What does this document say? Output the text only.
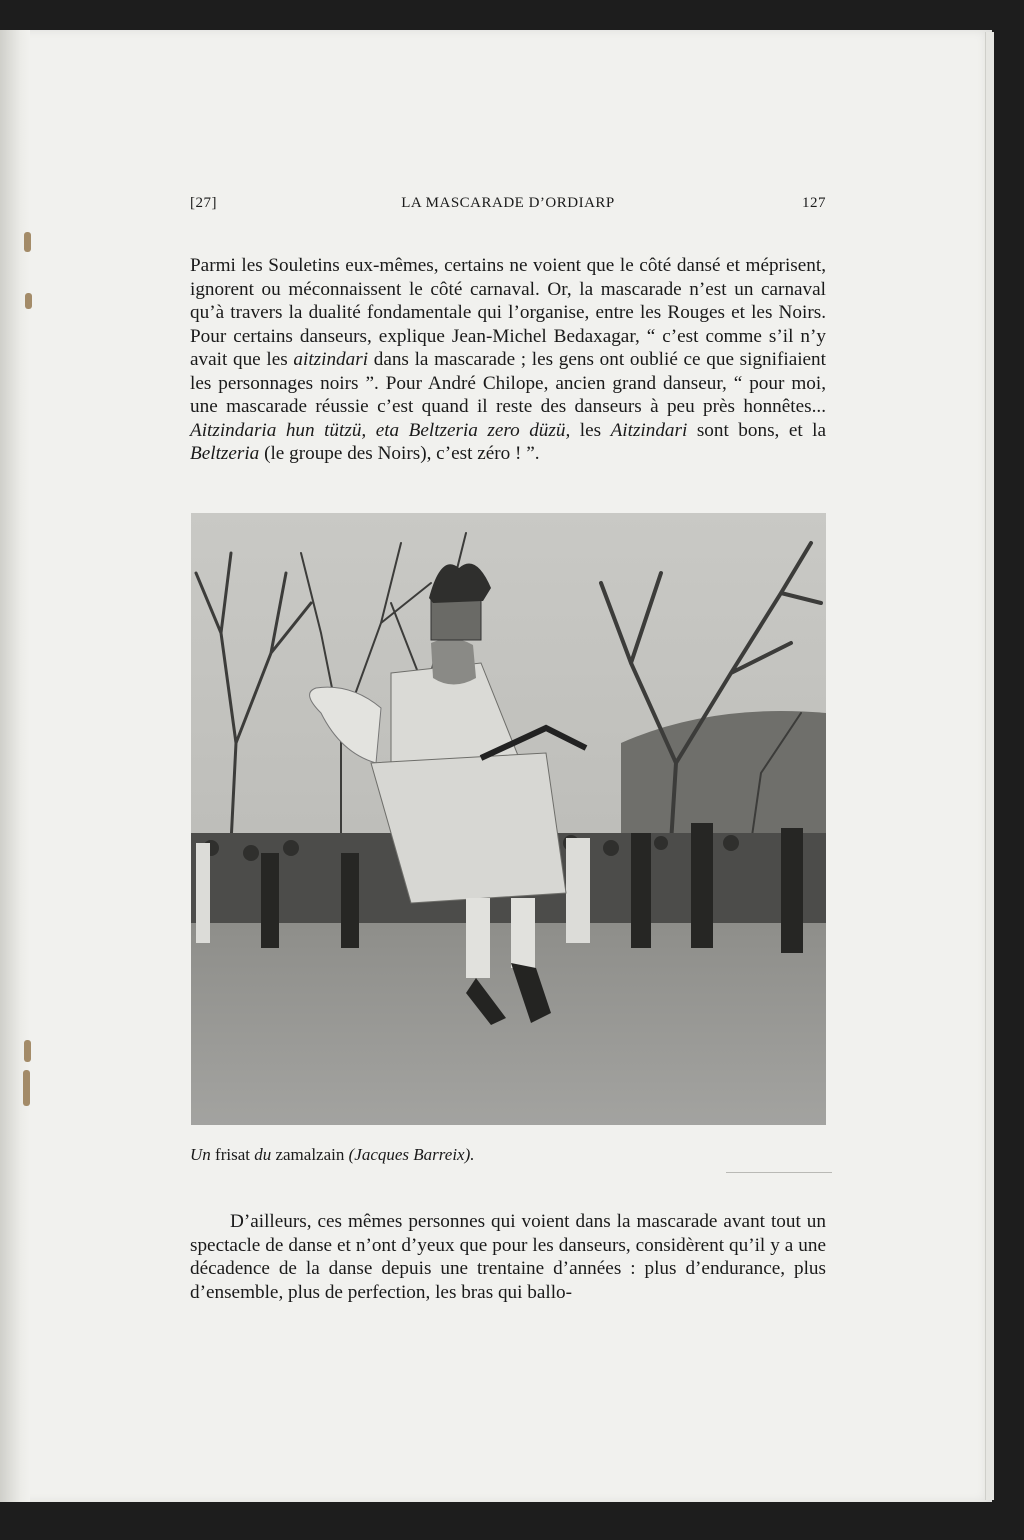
[27]	LA MASCARADE D’ORDIARP	127

Parmi les Souletins eux-mêmes, certains ne voient que le côté dansé et méprisent, ignorent ou méconnaissent le côté carnaval. Or, la mascarade n’est un carnaval qu’à travers la dualité fondamentale qui l’organise, entre les Rouges et les Noirs. Pour certains danseurs, explique Jean-Michel Bedaxagar, “ c’est comme s’il n’y avait que les aitzindari dans la mascarade ; les gens ont oublié ce que signifiaient les personnages noirs ”. Pour André Chilope, ancien grand danseur, “ pour moi, une mascarade réussie c’est quand il reste des danseurs à peu près honnêtes... Aitzindaria hun tützü, eta Beltzeria zero düzü, les Aitzindari sont bons, et la Beltzeria (le groupe des Noirs), c’est zéro ! ”.

Un frisat du zamalzain (Jacques Barreix).

D’ailleurs, ces mêmes personnes qui voient dans la mascarade avant tout un spectacle de danse et n’ont d’yeux que pour les danseurs, considèrent qu’il y a une décadence de la danse depuis une trentaine d’années : plus d’endurance, plus d’ensemble, plus de perfection, les bras qui ballo-
